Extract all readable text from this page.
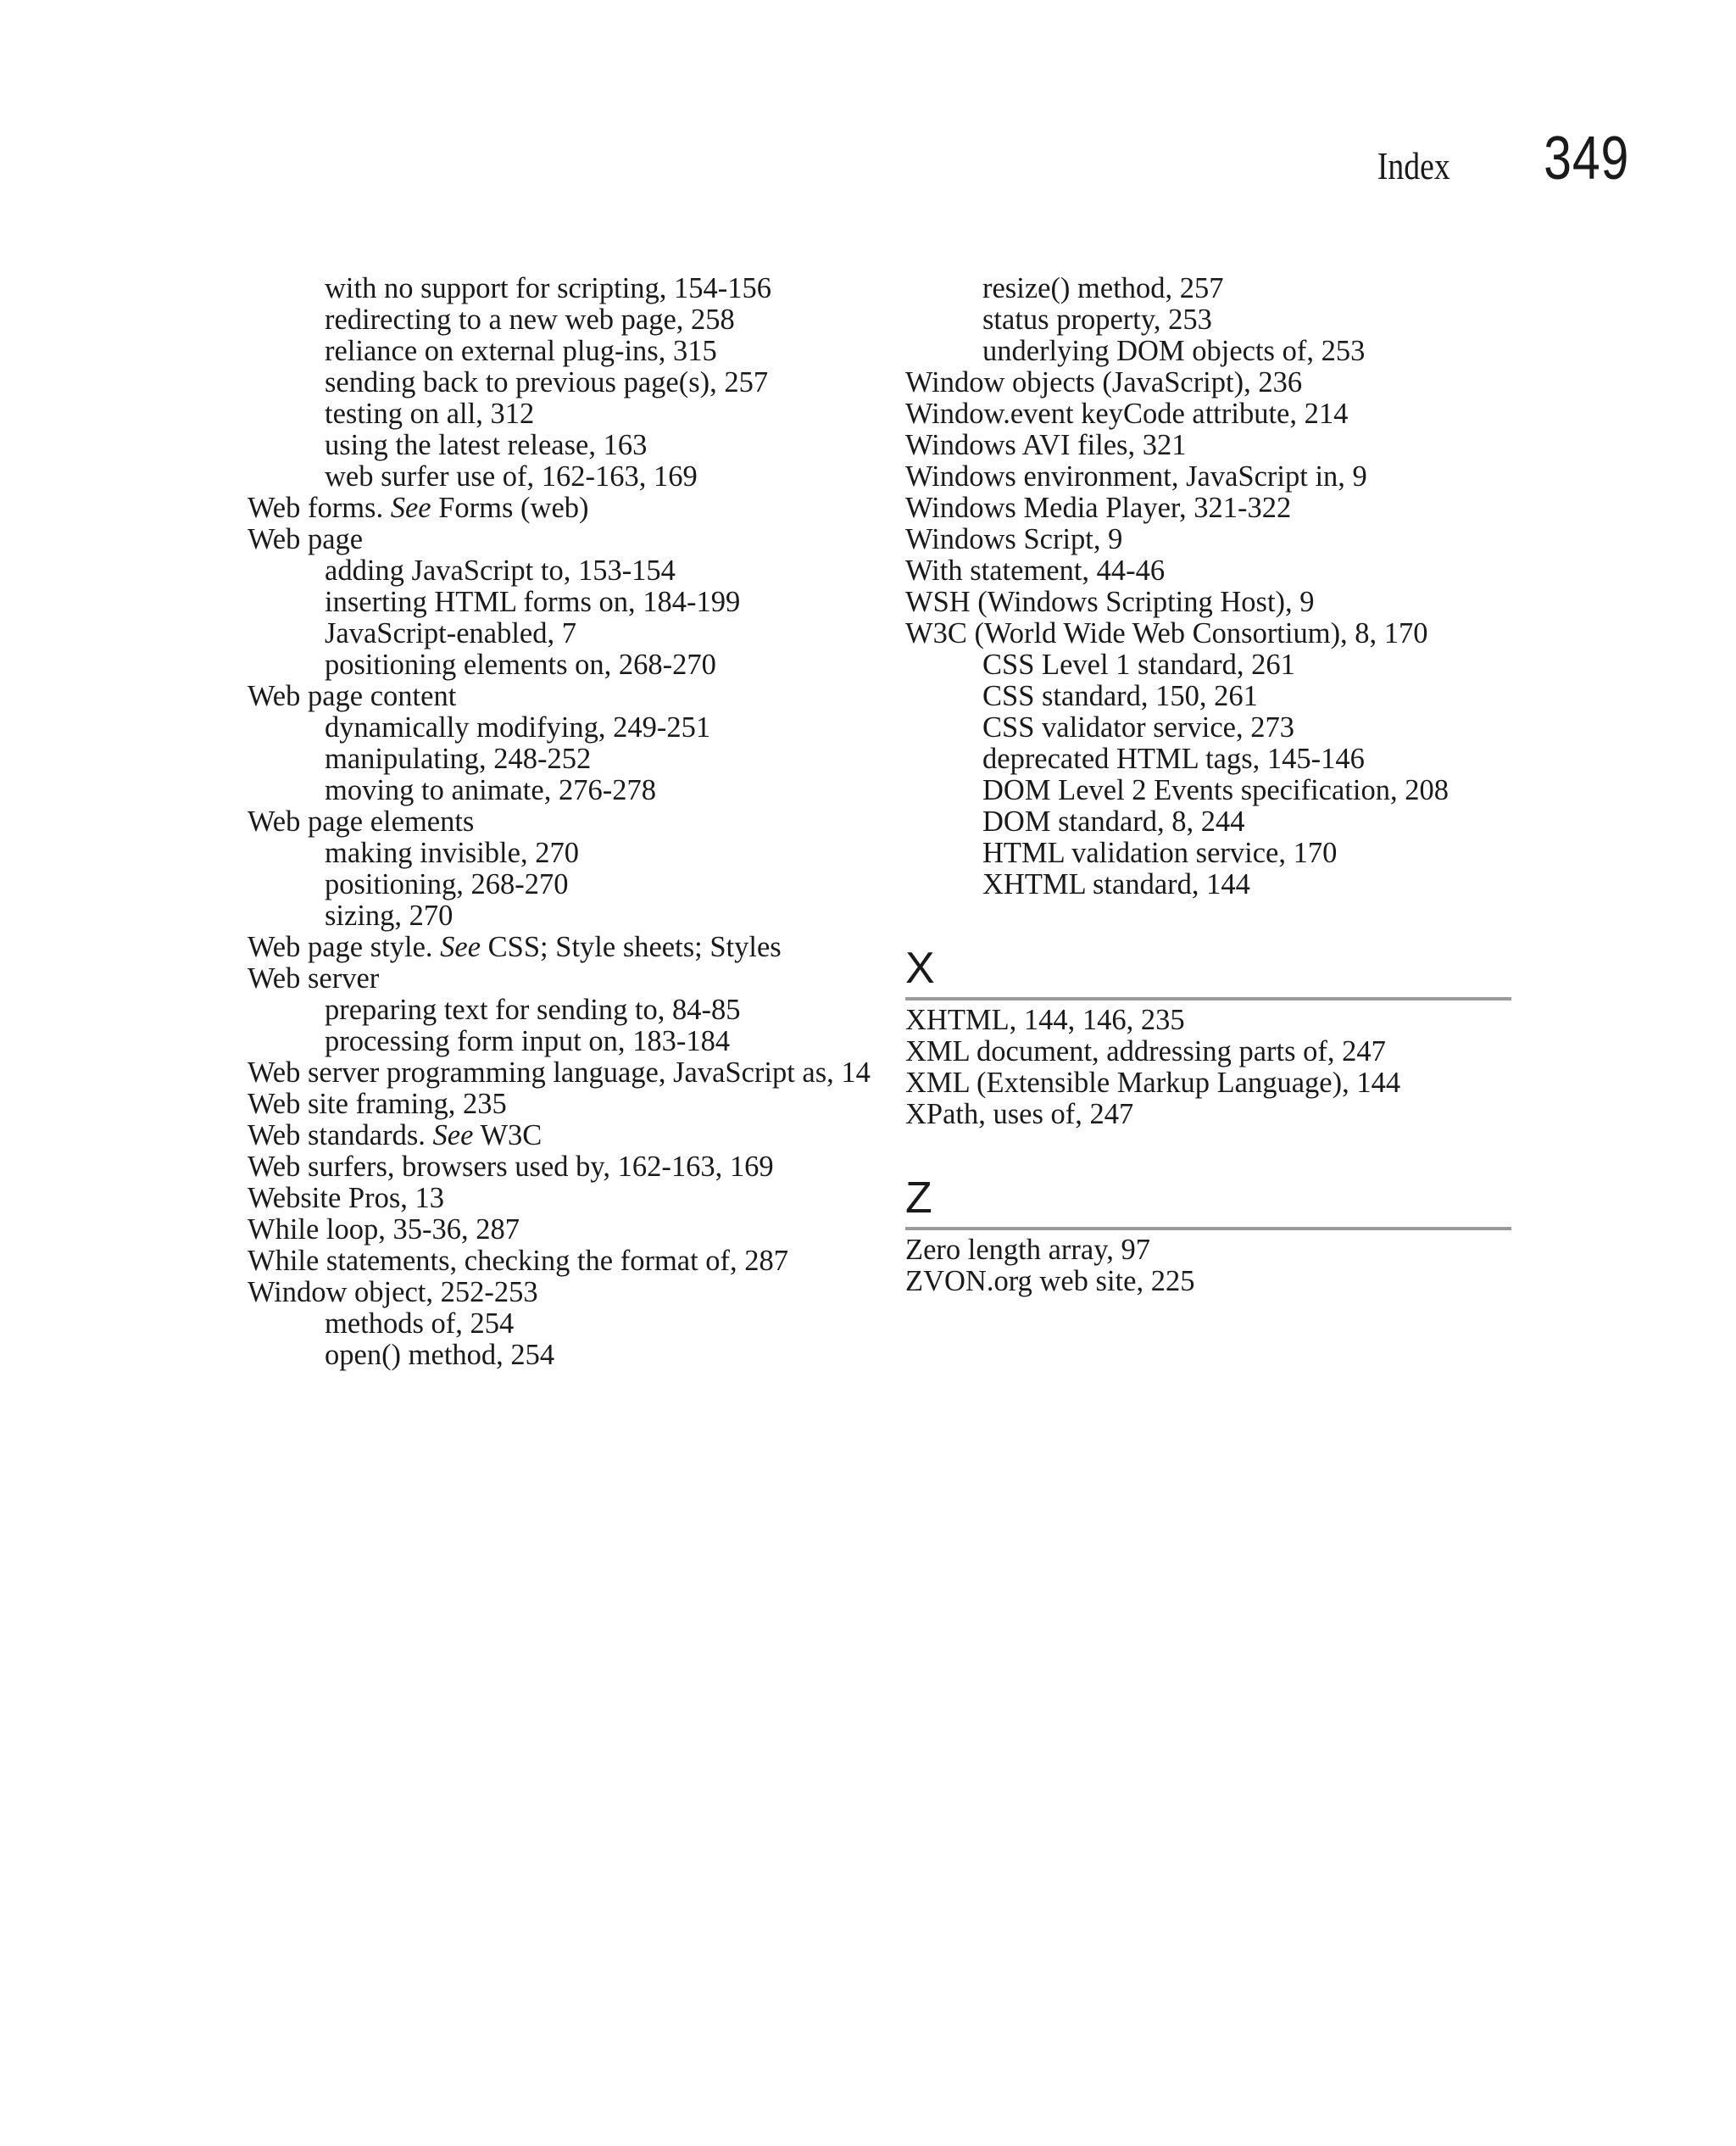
Index 349
with no support for scripting, 154-156
redirecting to a new web page, 258
reliance on external plug-ins, 315
sending back to previous page(s), 257
testing on all, 312
using the latest release, 163
web surfer use of, 162-163, 169
Web forms. See Forms (web)
Web page
adding JavaScript to, 153-154
inserting HTML forms on, 184-199
JavaScript-enabled, 7
positioning elements on, 268-270
Web page content
dynamically modifying, 249-251
manipulating, 248-252
moving to animate, 276-278
Web page elements
making invisible, 270
positioning, 268-270
sizing, 270
Web page style. See CSS; Style sheets; Styles
Web server
preparing text for sending to, 84-85
processing form input on, 183-184
Web server programming language, JavaScript as, 14
Web site framing, 235
Web standards. See W3C
Web surfers, browsers used by, 162-163, 169
Website Pros, 13
While loop, 35-36, 287
While statements, checking the format of, 287
Window object, 252-253
methods of, 254
open() method, 254
resize() method, 257
status property, 253
underlying DOM objects of, 253
Window objects (JavaScript), 236
Window.event keyCode attribute, 214
Windows AVI files, 321
Windows environment, JavaScript in, 9
Windows Media Player, 321-322
Windows Script, 9
With statement, 44-46
WSH (Windows Scripting Host), 9
W3C (World Wide Web Consortium), 8, 170
CSS Level 1 standard, 261
CSS standard, 150, 261
CSS validator service, 273
deprecated HTML tags, 145-146
DOM Level 2 Events specification, 208
DOM standard, 8, 244
HTML validation service, 170
XHTML standard, 144
X
XHTML, 144, 146, 235
XML document, addressing parts of, 247
XML (Extensible Markup Language), 144
XPath, uses of, 247
Z
Zero length array, 97
ZVON.org web site, 225
